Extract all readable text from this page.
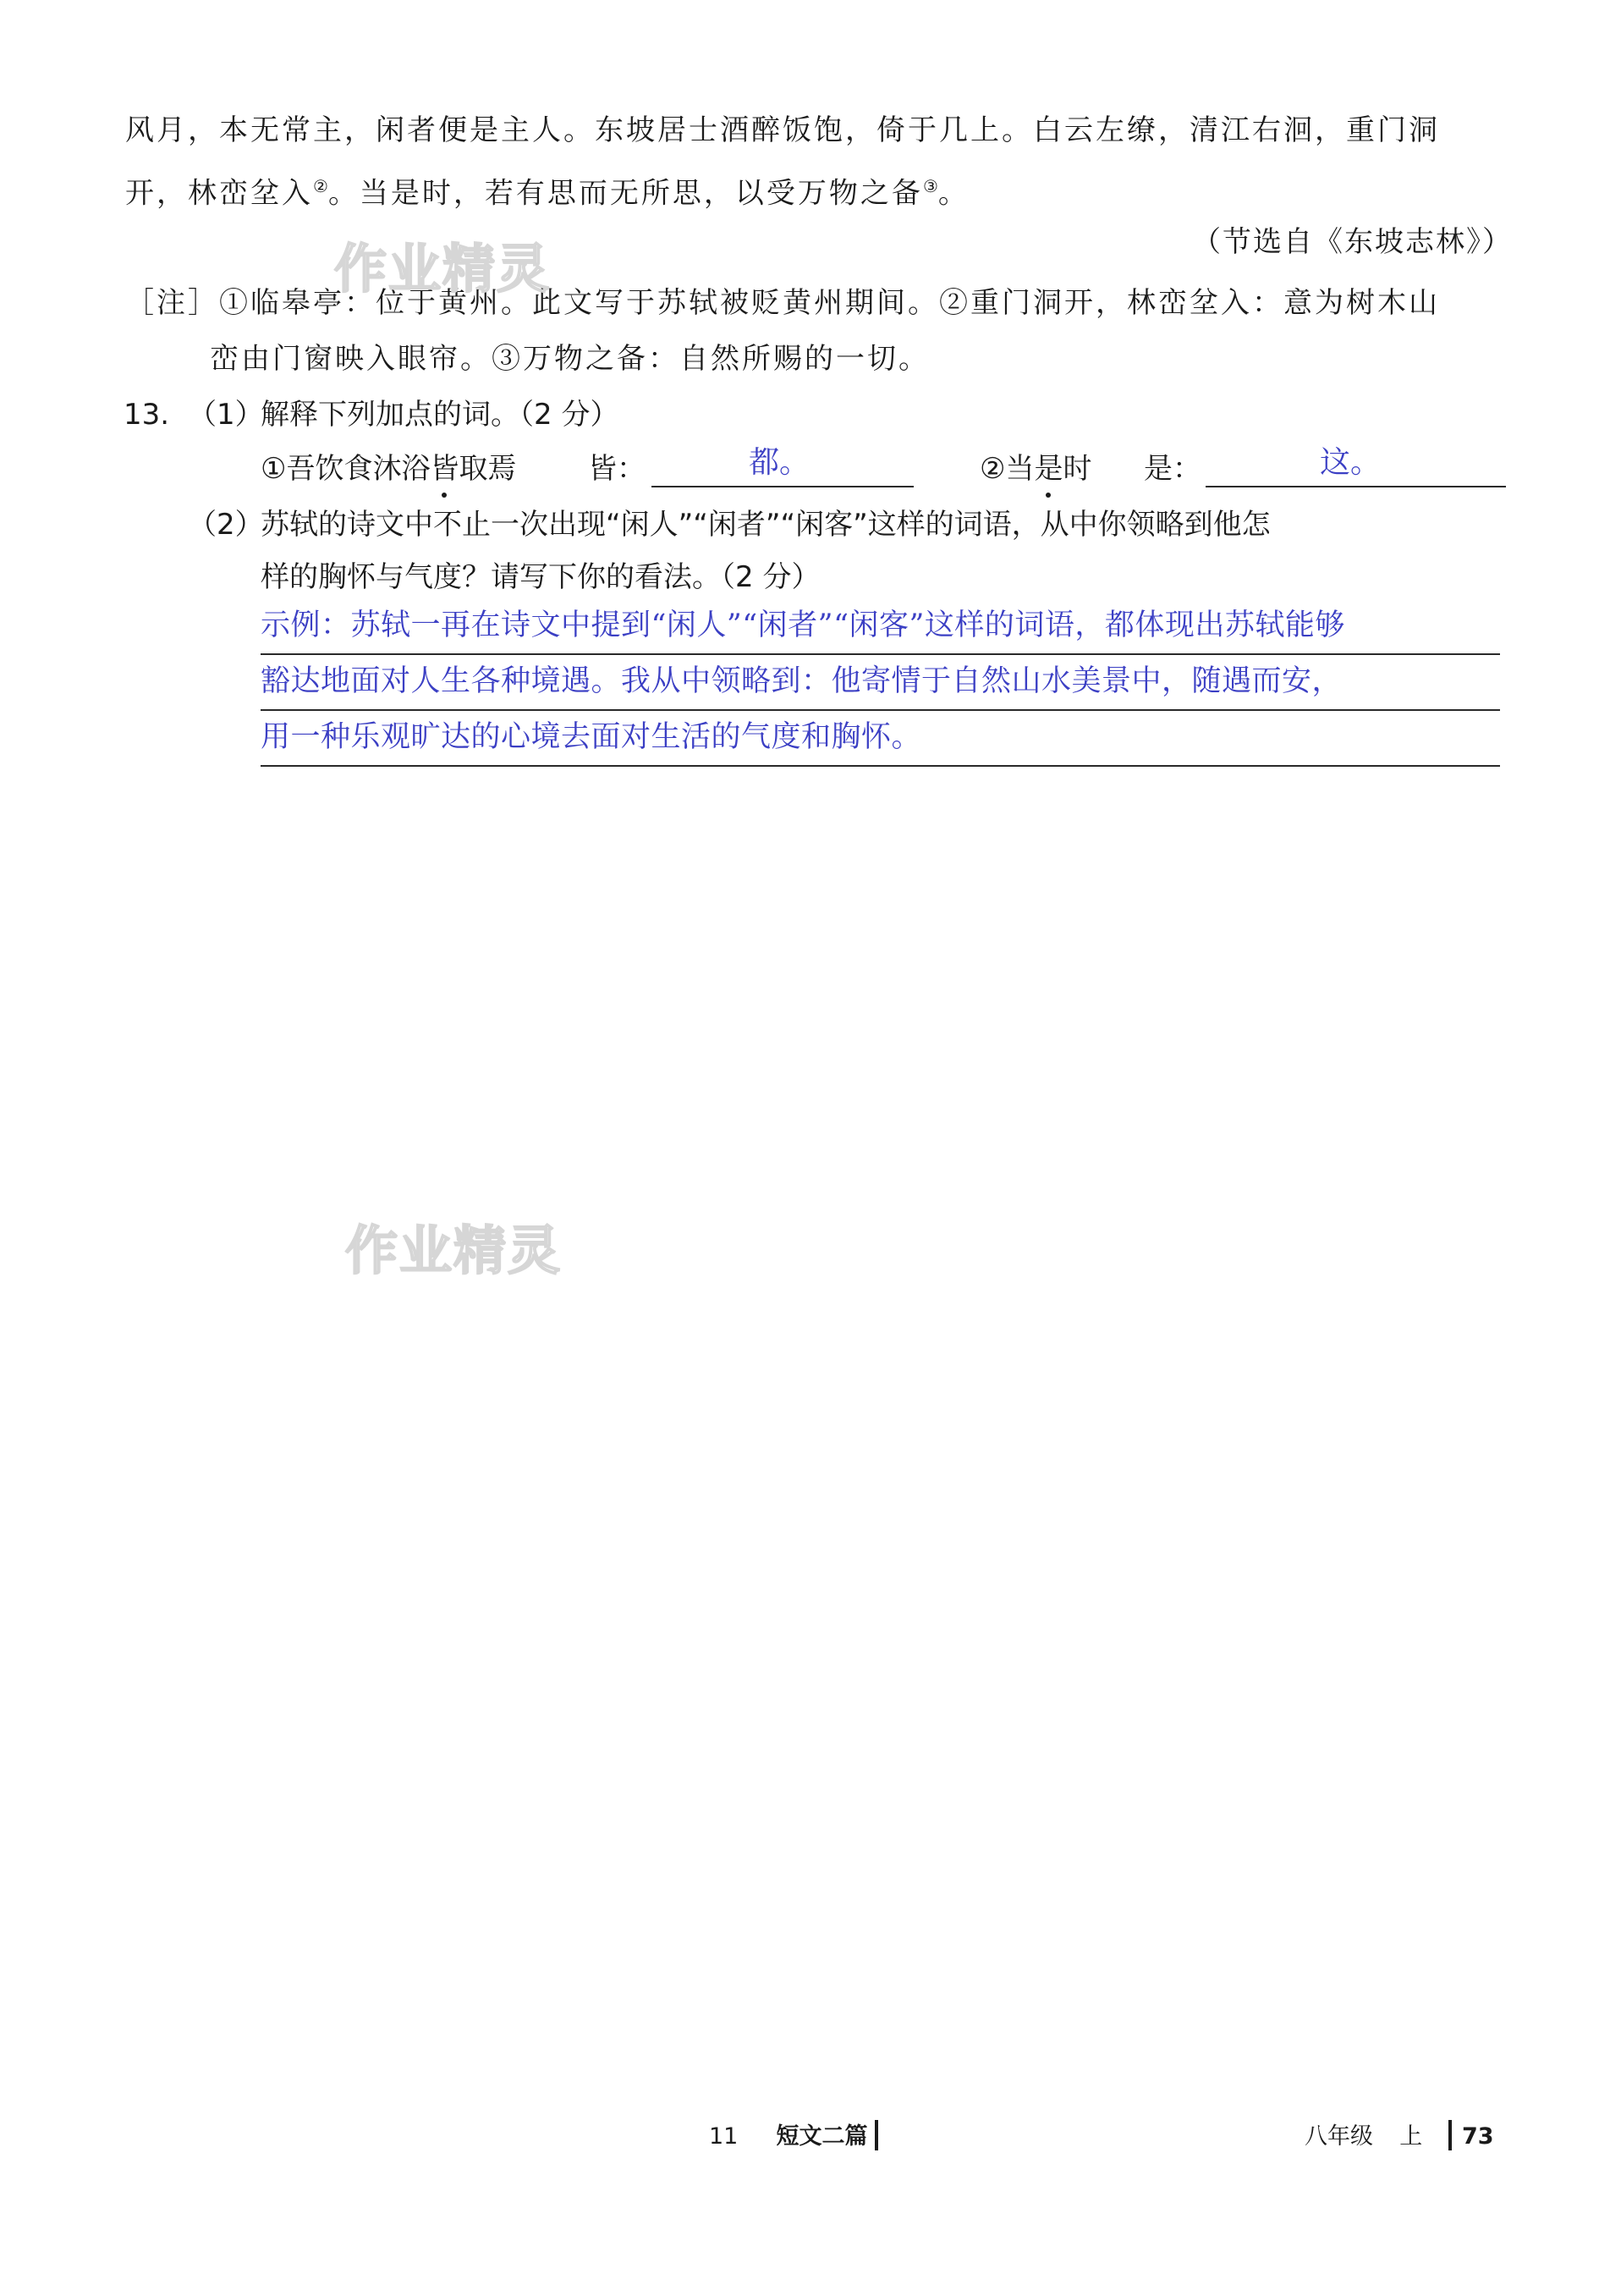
风月，本无常主，闲者便是主人。东坡居士酒醉饭饱，倚于几上。白云左缭，清江右洄，重门洞
开，林峦坌入②。当是时，若有思而无所思，以受万物之备③。
（节选自《东坡志林》）
［注］①临皋亭：位于黄州。此文写于苏轼被贬黄州期间。②重门洞开，林峦坌入：意为树木山
峦由门窗映入眼帘。③万物之备：自然所赐的一切。
13. （1）
解释下列加点的词。（2 分）
①吾饮食沐浴皆取焉 皆：	都。	②当是时 是：	这。
（2）
苏轼的诗文中不止一次出现“闲人”“闲者”“闲客”这样的词语，从中你领略到他怎
样的胸怀与气度？请写下你的看法。（2 分）
示例：苏轼一再在诗文中提到“闲人”“闲者”“闲客”这样的词语，都体现出苏轼能够
豁达地面对人生各种境遇。我从中领略到：他寄情于自然山水美景中，随遇而安，
用一种乐观旷达的心境去面对生活的气度和胸怀。
作业精灵
作业精灵
11 短文二篇	八年级 上 73
